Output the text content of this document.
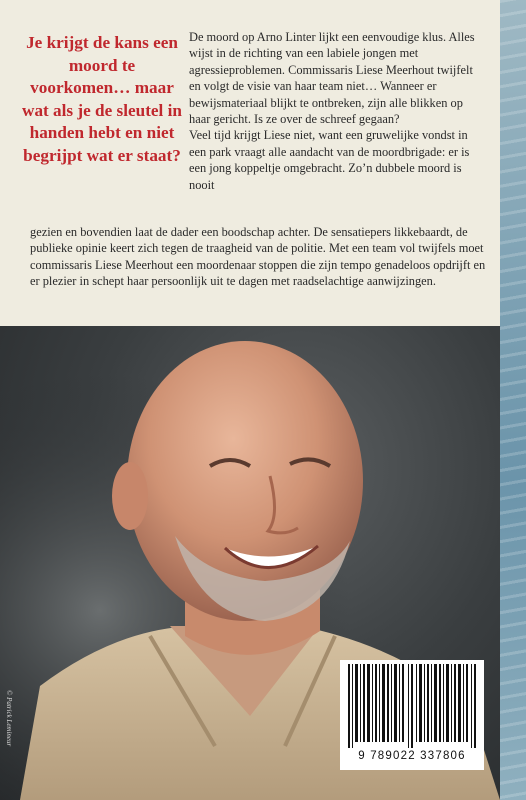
Je krijgt de kans een moord te voorkomen… maar wat als je de sleutel in handen hebt en niet begrijpt wat er staat?

De moord op Arno Linter lijkt een eenvoudige klus. Alles wijst in de richting van een labiele jongen met agressieproblemen. Commissaris Liese Meerhout twijfelt en volgt de visie van haar team niet… Wanneer er bewijsmateriaal blijkt te ontbreken, zijn alle blikken op haar gericht. Is ze over de schreef gegaan?

Veel tijd krijgt Liese niet, want een gruwelijke vondst in een park vraagt alle aandacht van de moordbrigade: er is een jong koppeltje omgebracht. Zo’n dubbele moord is nooit

gezien en bovendien laat de dader een boodschap achter. De sensatiepers likkebaardt, de publieke opinie keert zich tegen de traagheid van de politie. Met een team vol twijfels moet commissaris Liese Meerhout een moordenaar stoppen die zijn tempo genadeloos opdrijft en er plezier in schept haar persoonlijk uit te dagen met raadselachtige aanwijzingen.

© Patrick Lemineur
9 789022 337806
